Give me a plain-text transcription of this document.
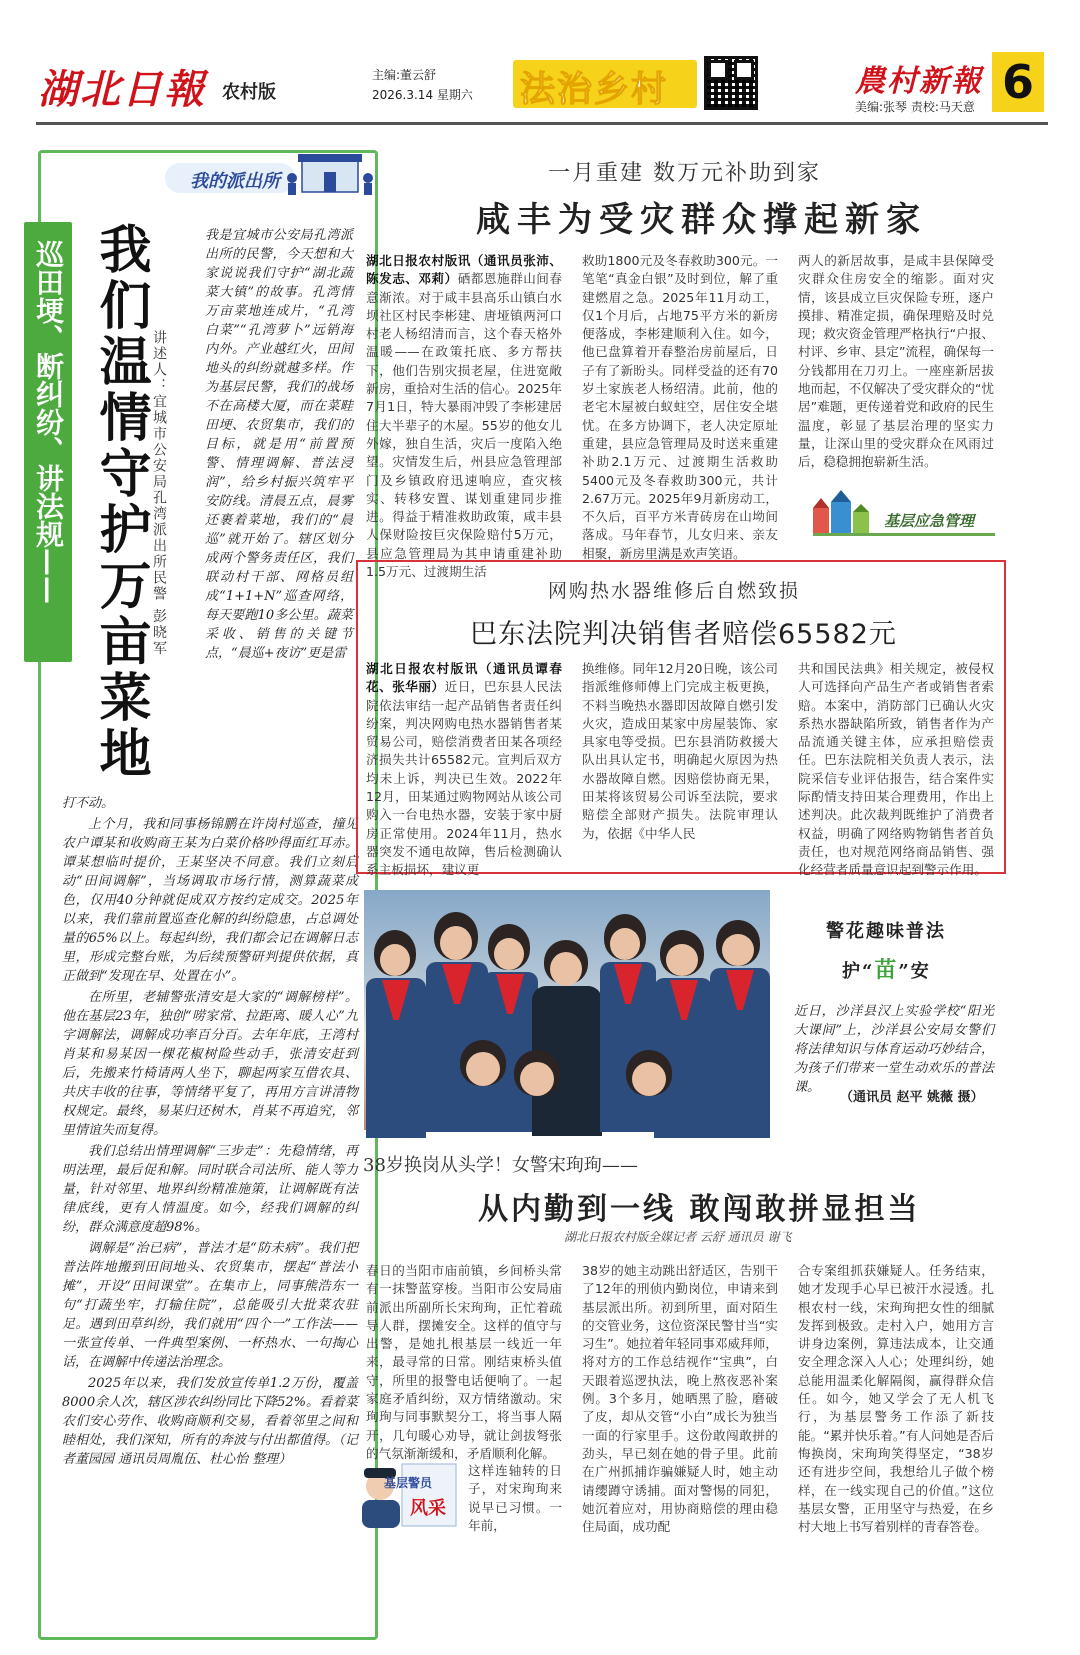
湖北日報 农村版
主编:董云舒
2026.3.14 星期六 法治乡村	農村新報
美编:张琴 责校:马天意 6
巡田埂、断纠纷、讲法规——
我的派出所
我们温情守护万亩菜地 讲述人：宜城市公安局孔湾派出所民警 彭晓军
我是宜城市公安局孔湾派出所的民警，今天想和大家说说我们守护“湖北蔬菜大镇”的故事。孔湾情万亩菜地连成片，“孔湾白菜”“孔湾萝卜”远销海内外。产业越红火，田间地头的纠纷就越多样。作为基层民警，我们的战场不在高楼大厦，而在菜畦田埂、农贸集市，我们的目标，就是用“前置预警、情理调解、普法浸润”，给乡村振兴筑牢平安防线。清晨五点，晨雾还裹着菜地，我们的“晨巡”就开始了。辖区划分成两个警务责任区，我们联动村干部、网格员组成“1+1+N”巡查网络，每天要跑10多公里。蔬菜采收、销售的关键节点，“晨巡+夜访”更是雷

打不动。

上个月，我和同事杨锦鹏在许岗村巡查，撞见农户谭某和收购商王某为白菜价格吵得面红耳赤。谭某想临时提价，王某坚决不同意。我们立刻启动“田间调解”，当场调取市场行情，测算蔬菜成色，仅用40分钟就促成双方按约定成交。2025年以来，我们靠前置巡查化解的纠纷隐患，占总调处量的65%以上。每起纠纷，我们都会记在调解日志里，形成完整台账，为后续预警研判提供依据，真正做到“发现在早、处置在小”。

在所里，老辅警张清安是大家的“调解榜样”。他在基层23年，独创“唠家常、拉距离、暖人心”九字调解法，调解成功率百分百。去年年底，王湾村肖某和易某因一棵花椒树险些动手，张清安赶到后，先搬来竹椅请两人坐下，聊起两家互借农具、共庆丰收的往事，等情绪平复了，再用方言讲清物权规定。最终，易某归还树木，肖某不再追究，邻里情谊失而复得。

我们总结出情理调解“三步走”：先稳情绪，再明法理，最后促和解。同时联合司法所、能人等力量，针对邻里、地界纠纷精准施策，让调解既有法律底线，更有人情温度。如今，经我们调解的纠纷，群众满意度超98%。

调解是“治已病”，普法才是“防未病”。我们把普法阵地搬到田间地头、农贸集市，摆起“普法小摊”，开设“田间课堂”。在集市上，同事熊浩东一句“打蔬坐牢，打输住院”，总能吸引大批菜农驻足。遇到田草纠纷，我们就用“四个一”工作法——一张宣传单、一件典型案例、一杯热水、一句掏心话，在调解中传递法治理念。

2025年以来，我们发放宣传单1.2万份，覆盖8000余人次，辖区涉农纠纷同比下降52%。看着菜农们安心劳作、收购商顺利交易，看着邻里之间和睦相处，我们深知，所有的奔波与付出都值得。（记者董园园 通讯员周胤伍、杜心怡 整理）

一月重建 数万元补助到家
咸丰为受灾群众撑起新家
湖北日报农村版讯（通讯员张沛、陈发志、邓莉）硒都恩施群山间春意渐浓。对于咸丰县高乐山镇白水坝社区村民李彬建、唐垭镇两河口村老人杨绍清而言，这个春天格外温暖——在政策托底、多方帮扶下，他们告别灾损老屋，住进宽敞新房，重拾对生活的信心。2025年7月1日，特大暴雨冲毁了李彬建居住大半辈子的木屋。55岁的他女儿外嫁，独自生活，灾后一度陷入绝望。灾情发生后，州县应急管理部门及乡镇政府迅速响应，查灾核实、转移安置、谋划重建同步推进。得益于精准救助政策，咸丰县人保财险按巨灾保险赔付5万元，县应急管理局为其申请重建补助1.5万元、过渡期生活
救助1800元及冬春救助300元。一笔笔“真金白银”及时到位，解了重建燃眉之急。2025年11月动工，仅1个月后，占地75平方米的新房便落成，李彬建顺利入住。如今，他已盘算着开春整治房前屋后，日子有了新盼头。同样受益的还有70岁土家族老人杨绍清。此前，他的老宅木屋被白蚁蛀空，居住安全堪忧。在多方协调下，老人决定原址重建，县应急管理局及时送来重建补助2.1万元、过渡期生活救助5400元及冬春救助300元，共计2.67万元。2025年9月新房动工，不久后，百平方米青砖房在山坳间落成。马年春节，儿女归来、亲友相聚，新房里满是欢声笑语。
两人的新居故事，是咸丰县保障受灾群众住房安全的缩影。面对灾情，该县成立巨灾保险专班，逐户摸排、精准定损，确保理赔及时兑现；救灾资金管理严格执行“户报、村评、乡审、县定”流程，确保每一分钱都用在刀刃上。一座座新居拔地而起，不仅解决了受灾群众的“忧居”难题，更传递着党和政府的民生温度，彰显了基层治理的坚实力量，让深山里的受灾群众在风雨过后，稳稳拥抱崭新生活。
基层应急管理
网购热水器维修后自燃致损
巴东法院判决销售者赔偿65582元
湖北日报农村版讯（通讯员谭春花、张华丽）近日，巴东县人民法院依法审结一起产品销售者责任纠纷案，判决网购电热水器销售者某贸易公司，赔偿消费者田某各项经济损失共计65582元。宣判后双方均未上诉，判决已生效。2022年12月，田某通过购物网站从该公司购入一台电热水器，安装于家中厨房正常使用。2024年11月，热水器突发不通电故障，售后检测确认系主板损坏，建议更
换维修。同年12月20日晚，该公司指派维修师傅上门完成主板更换，不料当晚热水器即因故障自燃引发火灾，造成田某家中房屋装饰、家具家电等受损。巴东县消防救援大队出具认定书，明确起火原因为热水器故障自燃。因赔偿协商无果，田某将该贸易公司诉至法院，要求赔偿全部财产损失。法院审理认为，依据《中华人民
共和国民法典》相关规定，被侵权人可选择向产品生产者或销售者索赔。本案中，消防部门已确认火灾系热水器缺陷所致，销售者作为产品流通关键主体，应承担赔偿责任。巴东法院相关负责人表示，法院采信专业评估报告，结合案件实际酌情支持田某合理费用，作出上述判决。此次裁判既维护了消费者权益，明确了网络购物销售者首负责任，也对规范网络商品销售、强化经营者质量意识起到警示作用。
警花趣味普法
护“苗”安
近日，沙洋县汉上实验学校“阳光大课间”上，沙洋县公安局女警们将法律知识与体育运动巧妙结合，为孩子们带来一堂生动欢乐的普法课。
（通讯员 赵平 姚薇 摄）
38岁换岗从头学！女警宋珣珣——
从内勤到一线 敢闯敢拼显担当
湖北日报农村版全媒记者 云舒 通讯员 谢飞
春日的当阳市庙前镇，乡间桥头常有一抹警蓝穿梭。当阳市公安局庙前派出所副所长宋珣珣，正忙着疏导人群，摆摊安全。这样的值守与出警，是她扎根基层一线近一年来，最寻常的日常。刚结束桥头值守，所里的报警电话便响了。一起家庭矛盾纠纷，双方情绪激动。宋珣珣与同事默契分工，将当事人隔开，几句暖心劝导，就让剑拔弩张的气氛渐渐缓和，矛盾顺利化解。
这样连轴转的日子，对宋珣珣来说早已习惯。一年前，
基层警员
风采
38岁的她主动跳出舒适区，告别干了12年的刑侦内勤岗位，申请来到基层派出所。初到所里，面对陌生的交管业务，这位资深民警甘当“实习生”。她拉着年轻同事邓威拜师，将对方的工作总结视作“宝典”，白天跟着巡逻执法，晚上熬夜恶补案例。3个多月，她晒黑了脸，磨破了皮，却从交管“小白”成长为独当一面的行家里手。这份敢闯敢拼的劲头，早已刻在她的骨子里。此前在广州抓捕诈骗嫌疑人时，她主动请缨蹲守诱捕。面对警惕的同犯，她沉着应对，用协商赔偿的理由稳住局面，成功配
合专案组抓获嫌疑人。任务结束，她才发现手心早已被汗水浸透。扎根农村一线，宋珣珣把女性的细腻发挥到极致。走村入户，她用方言讲身边案例，算违法成本，让交通安全理念深入人心；处理纠纷，她总能用温柔化解隔阂，赢得群众信任。如今，她又学会了无人机飞行，为基层警务工作添了新技能。“累并快乐着。”有人问她是否后悔换岗，宋珣珣笑得坚定，“38岁还有进步空间，我想给儿子做个榜样，在一线实现自己的价值。”这位基层女警，正用坚守与热爱，在乡村大地上书写着别样的青春答卷。
